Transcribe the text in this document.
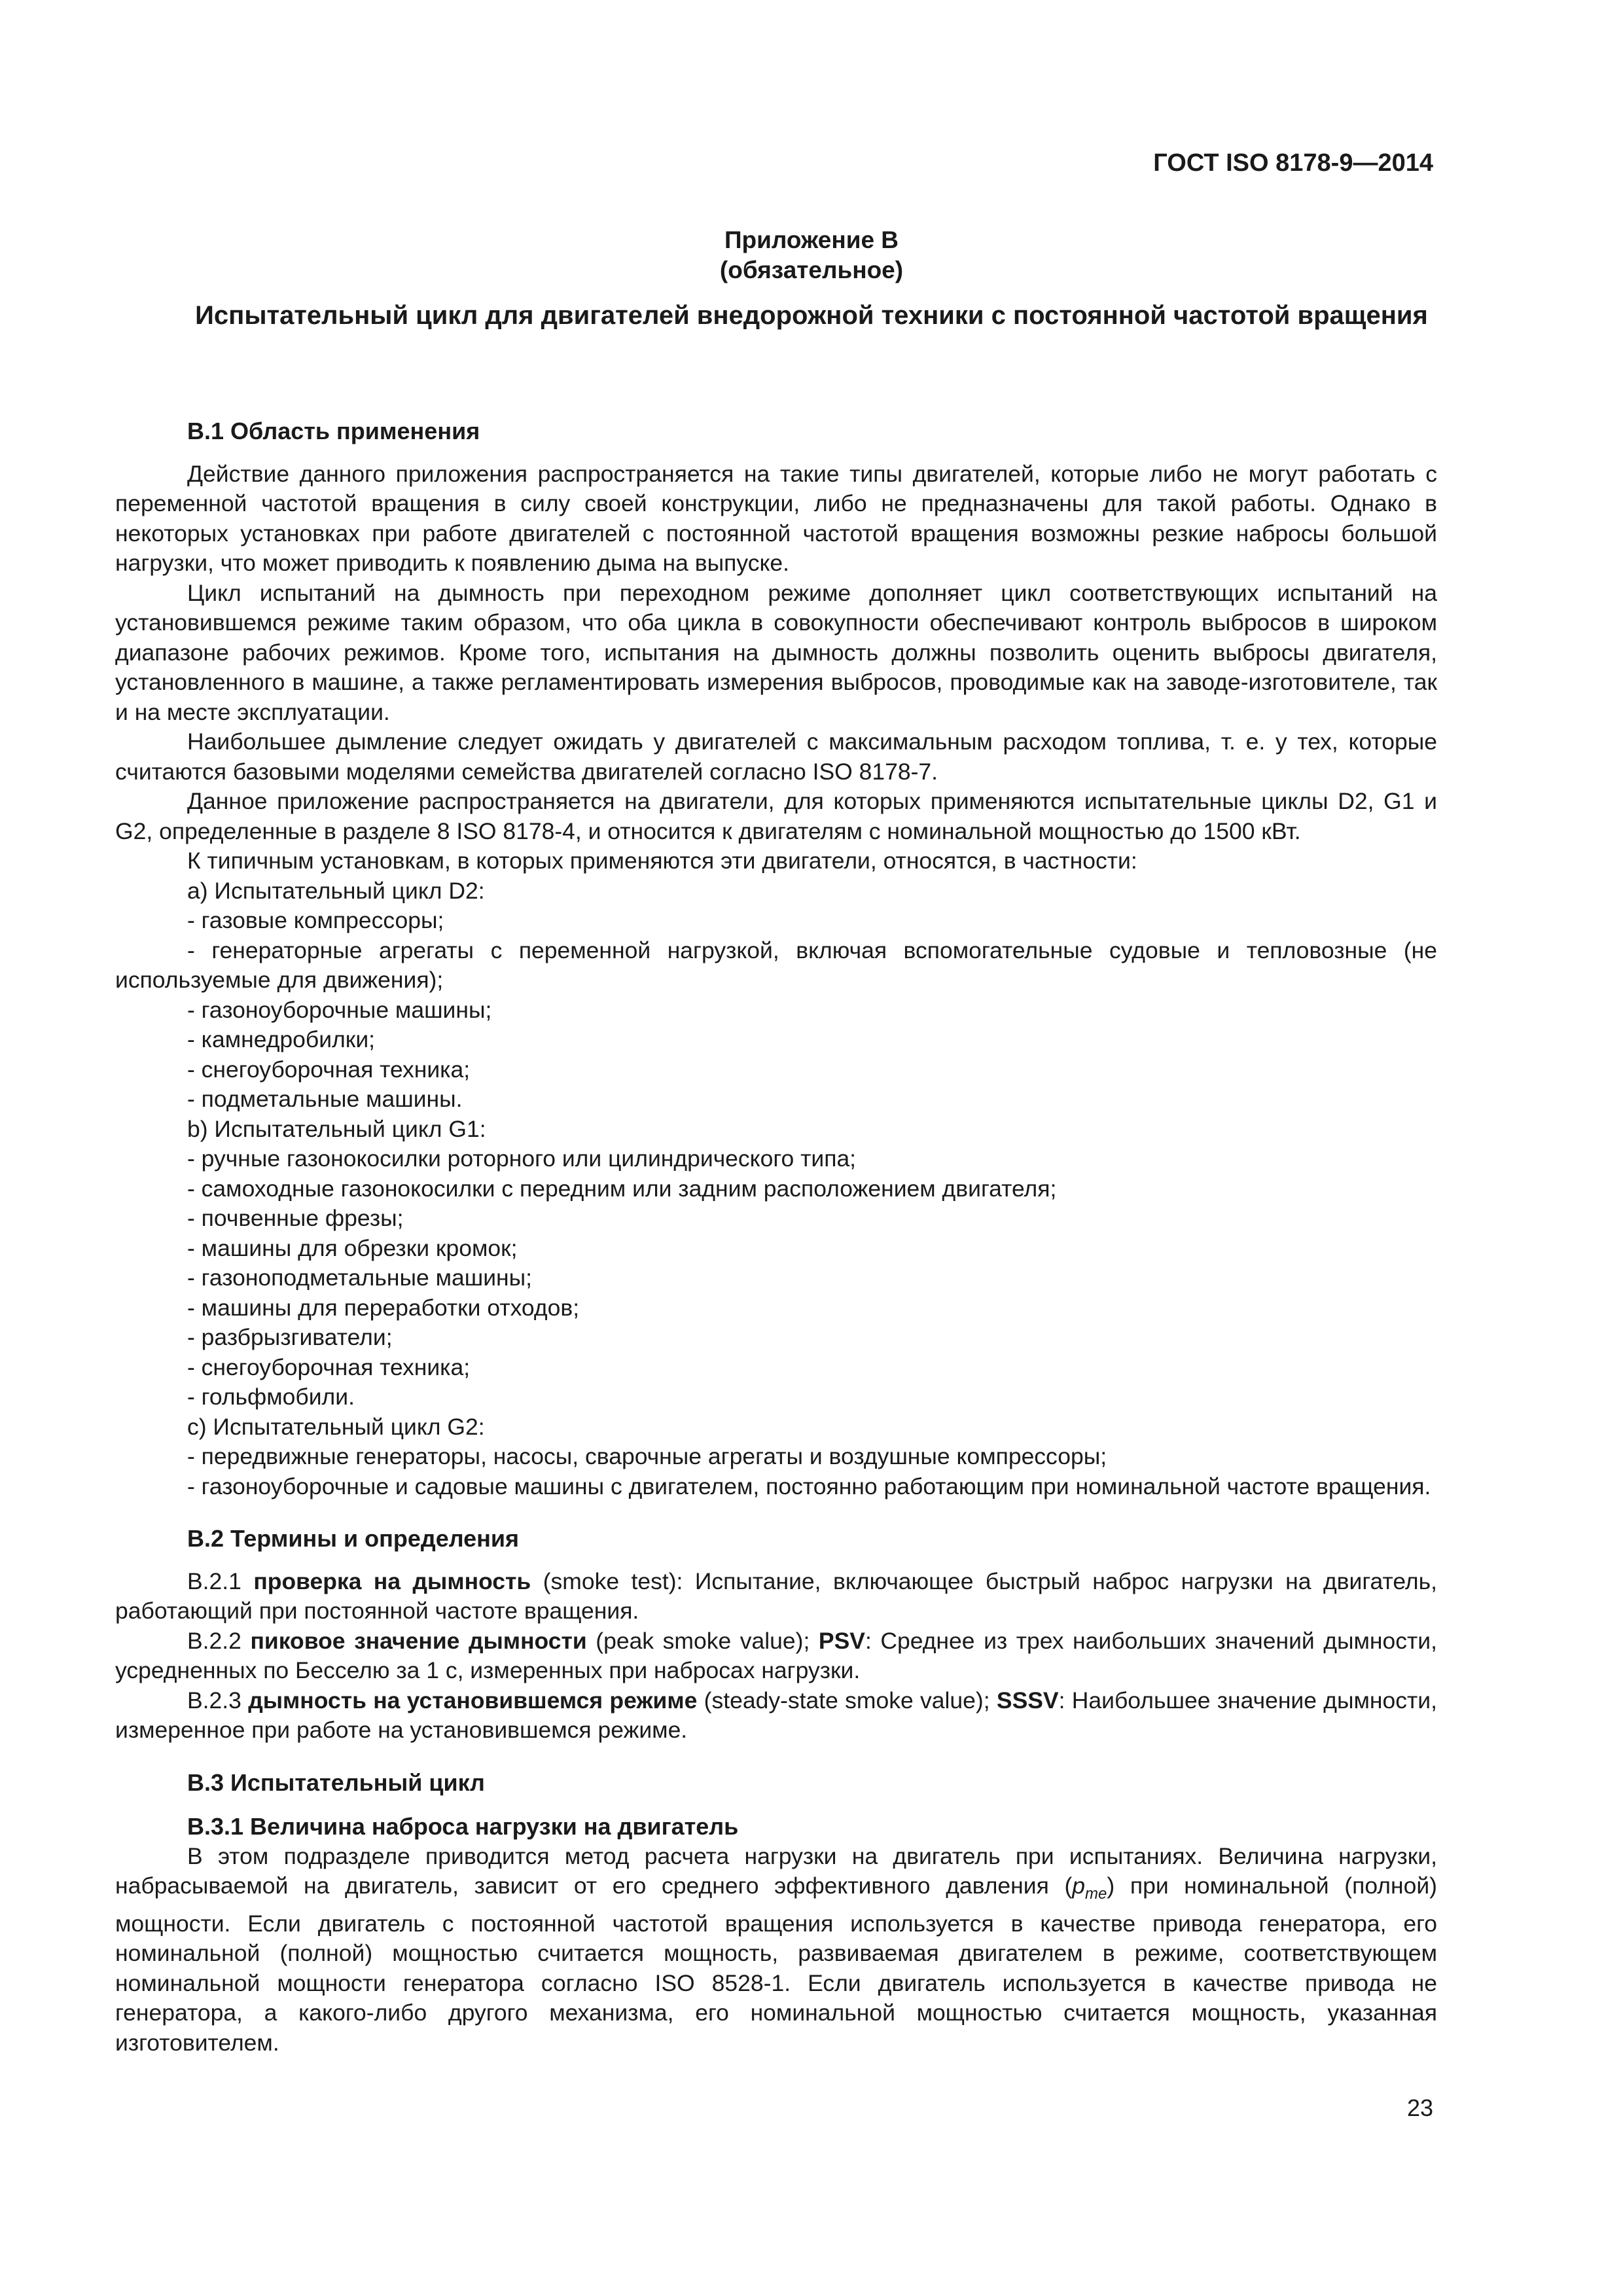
ГОСТ ISO 8178-9—2014
Приложение В
(обязательное)
Испытательный цикл для двигателей внедорожной техники с постоянной частотой вращения
В.1 Область применения

Действие данного приложения распространяется на такие типы двигателей, которые либо не могут работать с переменной частотой вращения в силу своей конструкции, либо не предназначены для такой работы. Однако в некоторых установках при работе двигателей с постоянной частотой вращения возможны резкие набросы большой нагрузки, что может приводить к появлению дыма на выпуске.

Цикл испытаний на дымность при переходном режиме дополняет цикл соответствующих испытаний на установившемся режиме таким образом, что оба цикла в совокупности обеспечивают контроль выбросов в широком диапазоне рабочих режимов. Кроме того, испытания на дымность должны позволить оценить выбросы двигателя, установленного в машине, а также регламентировать измерения выбросов, проводимые как на заводе-изготовителе, так и на месте эксплуатации.

Наибольшее дымление следует ожидать у двигателей с максимальным расходом топлива, т. е. у тех, которые считаются базовыми моделями семейства двигателей согласно ISO 8178-7.

Данное приложение распространяется на двигатели, для которых применяются испытательные циклы D2, G1 и G2, определенные в разделе 8 ISO 8178-4, и относится к двигателям с номинальной мощностью до 1500 кВт.

К типичным установкам, в которых применяются эти двигатели, относятся, в частности:

а) Испытательный цикл D2:

- газовые компрессоры;

- генераторные агрегаты с переменной нагрузкой, включая вспомогательные судовые и тепловозные (не используемые для движения);

- газоноуборочные машины;

- камнедробилки;

- снегоуборочная техника;

- подметальные машины.

b) Испытательный цикл G1:

- ручные газонокосилки роторного или цилиндрического типа;

- самоходные газонокосилки с передним или задним расположением двигателя;

- почвенные фрезы;

- машины для обрезки кромок;

- газоноподметальные машины;

- машины для переработки отходов;

- разбрызгиватели;

- снегоуборочная техника;

- гольфмобили.

с) Испытательный цикл G2:

- передвижные генераторы, насосы, сварочные агрегаты и воздушные компрессоры;

- газоноуборочные и садовые машины с двигателем, постоянно работающим при номинальной частоте вращения.

В.2 Термины и определения

В.2.1 проверка на дымность (smoke test): Испытание, включающее быстрый наброс нагрузки на двигатель, работающий при постоянной частоте вращения.

В.2.2 пиковое значение дымности (peak smoke value); PSV: Среднее из трех наибольших значений дымности, усредненных по Бесселю за 1 с, измеренных при набросах нагрузки.

В.2.3 дымность на установившемся режиме (steady-state smoke value); SSSV: Наибольшее значение дымности, измеренное при работе на установившемся режиме.

В.3 Испытательный цикл
В.3.1 Величина наброса нагрузки на двигатель

В этом подразделе приводится метод расчета нагрузки на двигатель при испытаниях. Величина нагрузки, набрасываемой на двигатель, зависит от его среднего эффективного давления $(p_{me})$ при номинальной (полной) мощности. Если двигатель с постоянной частотой вращения используется в качестве привода генератора, его номинальной (полной) мощностью считается мощность, развиваемая двигателем в режиме, соответствующем номинальной мощности генератора согласно ISO 8528-1. Если двигатель используется в качестве привода не генератора, а какого-либо другого механизма, его номинальной мощностью считается мощность, указанная изготовителем.

23
